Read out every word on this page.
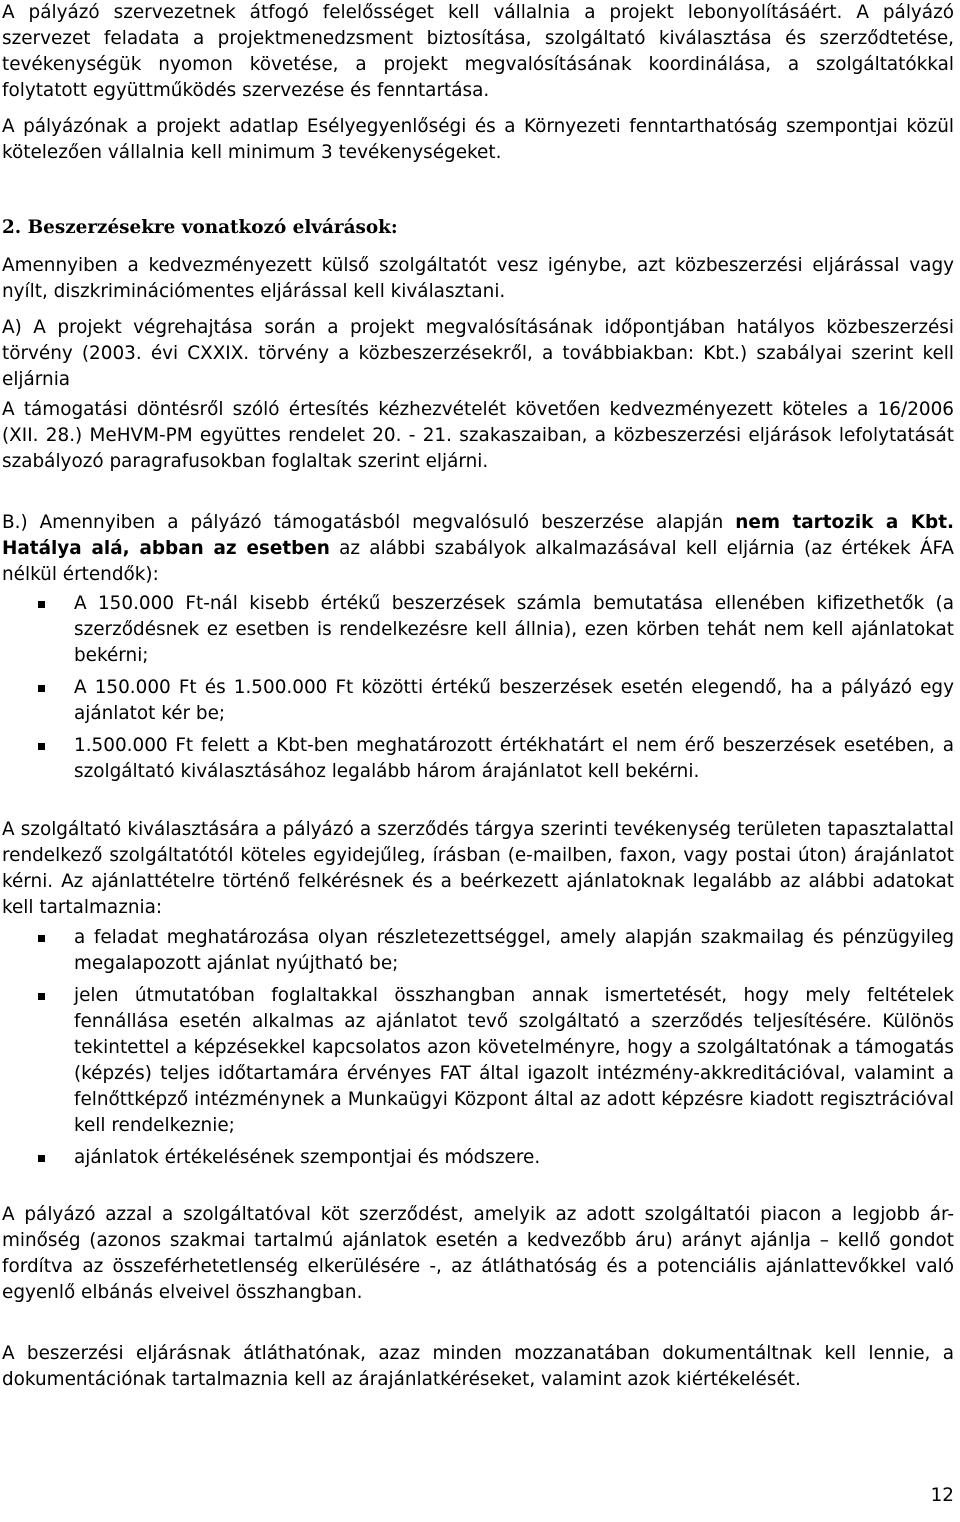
A pályázó szervezetnek átfogó felelősséget kell vállalnia a projekt lebonyolításáért. A pályázó szervezet feladata a projektmenedzsment biztosítása, szolgáltató kiválasztása és szerződtetése, tevékenységük nyomon követése, a projekt megvalósításának koordinálása, a szolgáltatókkal folytatott együttműködés szervezése és fenntartása.

A pályázónak a projekt adatlap Esélyegyenlőségi és a Környezeti fenntarthatóság szempontjai közül kötelezően vállalnia kell minimum 3 tevékenységeket.

2. Beszerzésekre vonatkozó elvárások:

Amennyiben a kedvezményezett külső szolgáltatót vesz igénybe, azt közbeszerzési eljárással vagy nyílt, diszkriminációmentes eljárással kell kiválasztani.

A) A projekt végrehajtása során a projekt megvalósításának időpontjában hatályos közbeszerzési törvény (2003. évi CXXIX. törvény a közbeszerzésekről, a továbbiakban: Kbt.) szabályai szerint kell eljárnia

A támogatási döntésről szóló értesítés kézhezvételét követően kedvezményezett köteles a 16/2006 (XII. 28.) MeHVM-PM együttes rendelet 20. - 21. szakaszaiban, a közbeszerzési eljárások lefolytatását szabályozó paragrafusokban foglaltak szerint eljárni.

B.) Amennyiben a pályázó támogatásból megvalósuló beszerzése alapján nem tartozik a Kbt. Hatálya alá, abban az esetben az alábbi szabályok alkalmazásával kell eljárnia (az értékek ÁFA nélkül értendők):

A 150.000 Ft-nál kisebb értékű beszerzések számla bemutatása ellenében kifizethetők (a szerződésnek ez esetben is rendelkezésre kell állnia), ezen körben tehát nem kell ajánlatokat bekérni;
A 150.000 Ft és 1.500.000 Ft közötti értékű beszerzések esetén elegendő, ha a pályázó egy ajánlatot kér be;
1.500.000 Ft felett a Kbt-ben meghatározott értékhatárt el nem érő beszerzések esetében, a szolgáltató kiválasztásához legalább három árajánlatot kell bekérni.

A szolgáltató kiválasztására a pályázó a szerződés tárgya szerinti tevékenység területen tapasztalattal rendelkező szolgáltatótól köteles egyidejűleg, írásban (e-mailben, faxon, vagy postai úton) árajánlatot kérni. Az ajánlattételre történő felkérésnek és a beérkezett ajánlatoknak legalább az alábbi adatokat kell tartalmaznia:

a feladat meghatározása olyan részletezettséggel, amely alapján szakmailag és pénzügyileg megalapozott ajánlat nyújtható be;
jelen útmutatóban foglaltakkal összhangban annak ismertetését, hogy mely feltételek fennállása esetén alkalmas az ajánlatot tevő szolgáltató a szerződés teljesítésére. Különös tekintettel a képzésekkel kapcsolatos azon követelményre, hogy a szolgáltatónak a támogatás (képzés) teljes időtartamára érvényes FAT által igazolt intézmény-akkreditációval, valamint a felnőttképző intézménynek a Munkaügyi Központ által az adott képzésre kiadott regisztrációval kell rendelkeznie;
ajánlatok értékelésének szempontjai és módszere.

A pályázó azzal a szolgáltatóval köt szerződést, amelyik az adott szolgáltatói piacon a legjobb ár-minőség (azonos szakmai tartalmú ajánlatok esetén a kedvezőbb áru) arányt ajánlja – kellő gondot fordítva az összeférhetetlenség elkerülésére -, az átláthatóság és a potenciális ajánlattevőkkel való egyenlő elbánás elveivel összhangban.

A beszerzési eljárásnak átláthatónak, azaz minden mozzanatában dokumentáltnak kell lennie, a dokumentációnak tartalmaznia kell az árajánlatkéréseket, valamint azok kiértékelését.

12
